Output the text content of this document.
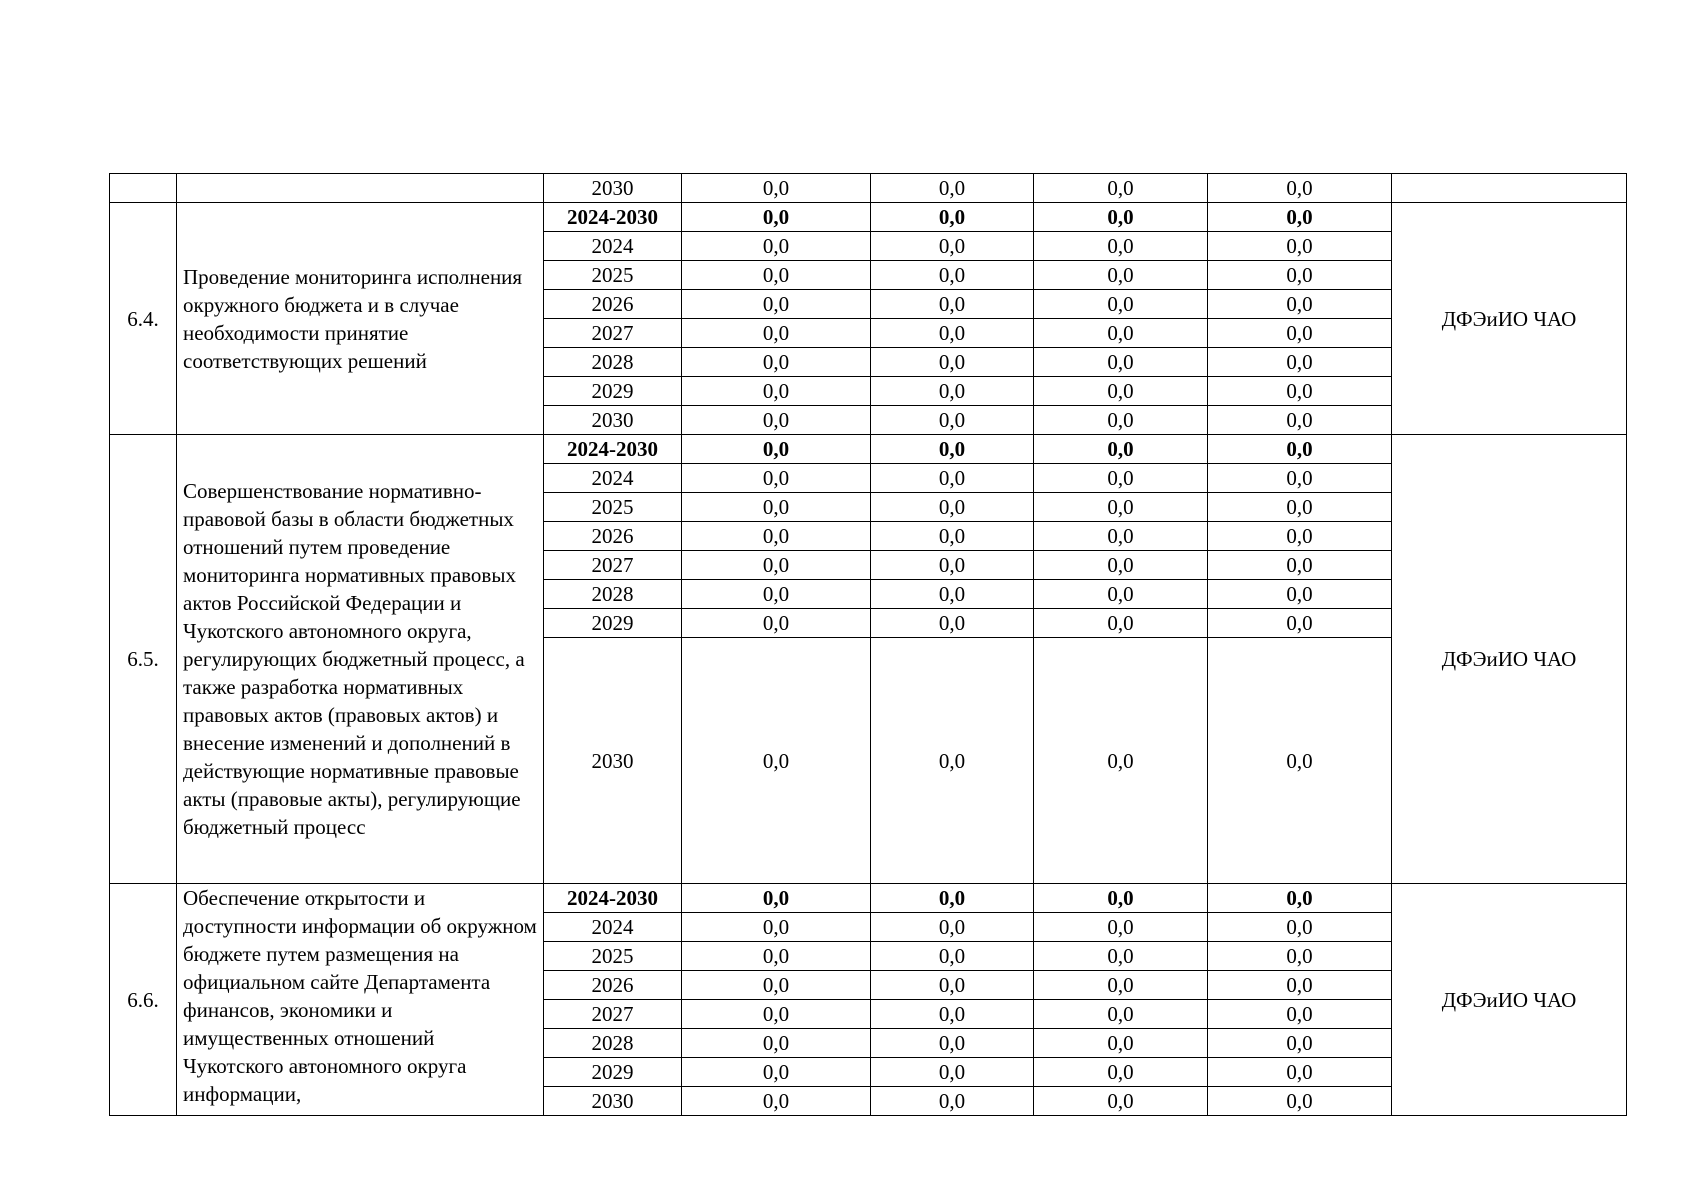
		2030	0,0	0,0	0,0	0,0	
6.4.	Проведение мониторинга исполнения окружного бюджета и в случае необходимости принятие соответствующих решений	2024-2030	0,0	0,0	0,0	0,0	ДФЭиИО ЧАО
		2024	0,0	0,0	0,0	0,0	
		2025	0,0	0,0	0,0	0,0	
		2026	0,0	0,0	0,0	0,0	
		2027	0,0	0,0	0,0	0,0	
		2028	0,0	0,0	0,0	0,0	
		2029	0,0	0,0	0,0	0,0	
		2030	0,0	0,0	0,0	0,0	
6.5.	Совершенствование нормативно-правовой базы в области бюджетных отношений путем проведение мониторинга нормативных правовых актов Российской Федерации и Чукотского автономного округа, регулирующих бюджетный процесс, а также разработка нормативных правовых актов (правовых актов) и внесение изменений и дополнений в действующие нормативные правовые акты (правовые акты), регулирующие бюджетный процесс	2024-2030	0,0	0,0	0,0	0,0	ДФЭиИО ЧАО
		2024	0,0	0,0	0,0	0,0	
		2025	0,0	0,0	0,0	0,0	
		2026	0,0	0,0	0,0	0,0	
		2027	0,0	0,0	0,0	0,0	
		2028	0,0	0,0	0,0	0,0	
		2029	0,0	0,0	0,0	0,0	
		2030	0,0	0,0	0,0	0,0	
6.6.	Обеспечение открытости и доступности информации об окружном бюджете путем размещения на официальном сайте Департамента финансов, экономики и имущественных отношений Чукотского автономного округа информации,	2024-2030	0,0	0,0	0,0	0,0	ДФЭиИО ЧАО
		2024	0,0	0,0	0,0	0,0	
		2025	0,0	0,0	0,0	0,0	
		2026	0,0	0,0	0,0	0,0	
		2027	0,0	0,0	0,0	0,0	
		2028	0,0	0,0	0,0	0,0	
		2029	0,0	0,0	0,0	0,0	
		2030	0,0	0,0	0,0	0,0	
